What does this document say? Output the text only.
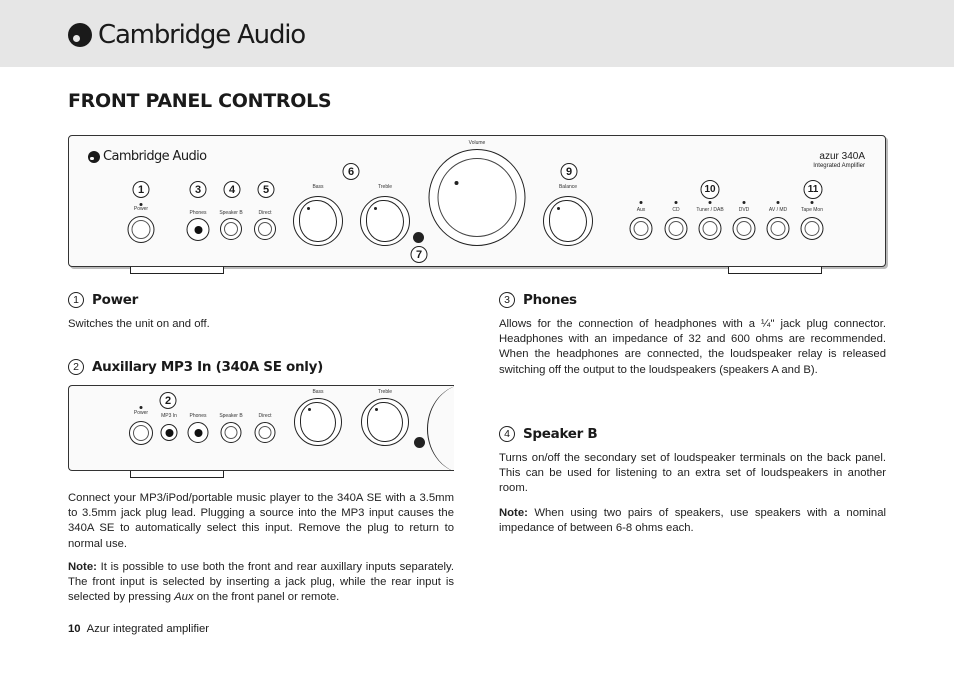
Cambridge Audio
FRONT PANEL CONTROLS
Cambridge Audio	azur 340A
Integrated Amplifier
1	3	4	5
6
7
9
10	11
Power
Phones	Speaker B	Direct
Bass	Treble
Volume
Balance
Aux	CD	Tuner / DAB	DVD	AV / MD	Tape Mon
1 Power

Switches the unit on and off.

2 Auxillary MP3 In (340A SE only)
2
Power	MP3 In	Phones	Speaker B	Direct
Bass	Treble

Connect your MP3/iPod/portable music player to the 340A SE with a 3.5mm to 3.5mm jack plug lead. Plugging a source into the MP3 input causes the 340A SE to automatically select this input. Remove the plug to return to normal use.

Note: It is possible to use both the front and rear auxillary inputs separately. The front input is selected by inserting a jack plug, while the rear input is selected by pressing Aux on the front panel or remote.

3 Phones

Allows for the connection of headphones with a ¼" jack plug connector. Headphones with an impedance of 32 and 600 ohms are recommended. When the headphones are connected, the loudspeaker relay is released switching off the output to the loudspeakers (speakers A and B).

4 Speaker B

Turns on/off the secondary set of loudspeaker terminals on the back panel. This can be used for listening to an extra set of loudspeakers in another room.

Note: When using two pairs of speakers, use speakers with a nominal impedance of between 6-8 ohms each.

10 Azur integrated amplifier
